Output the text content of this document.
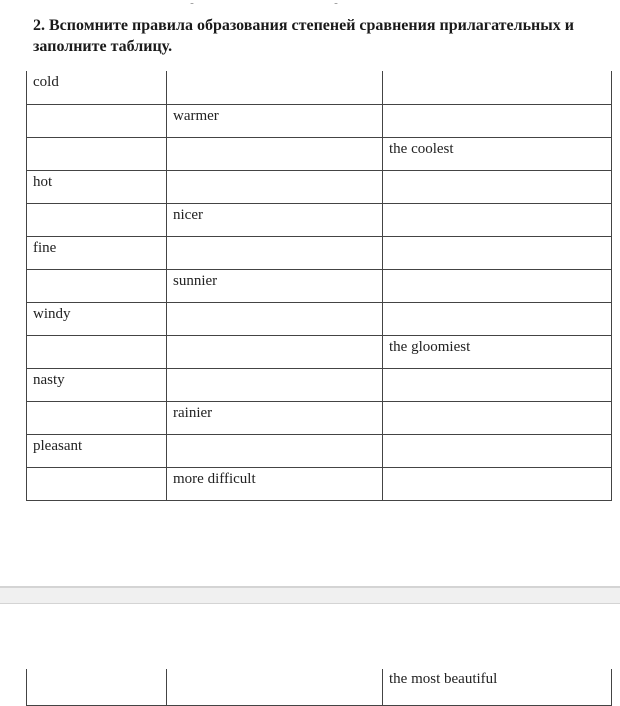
2. Вспомните правила образования степеней сравнения прилагательных и заполните таблицу.
cold		

	warmer	

		the coolest

hot		

	nicer	

fine		

	sunnier	

windy		

		the gloomiest

nasty		

	rainier	

pleasant		

	more difficult	

		the most beautiful
